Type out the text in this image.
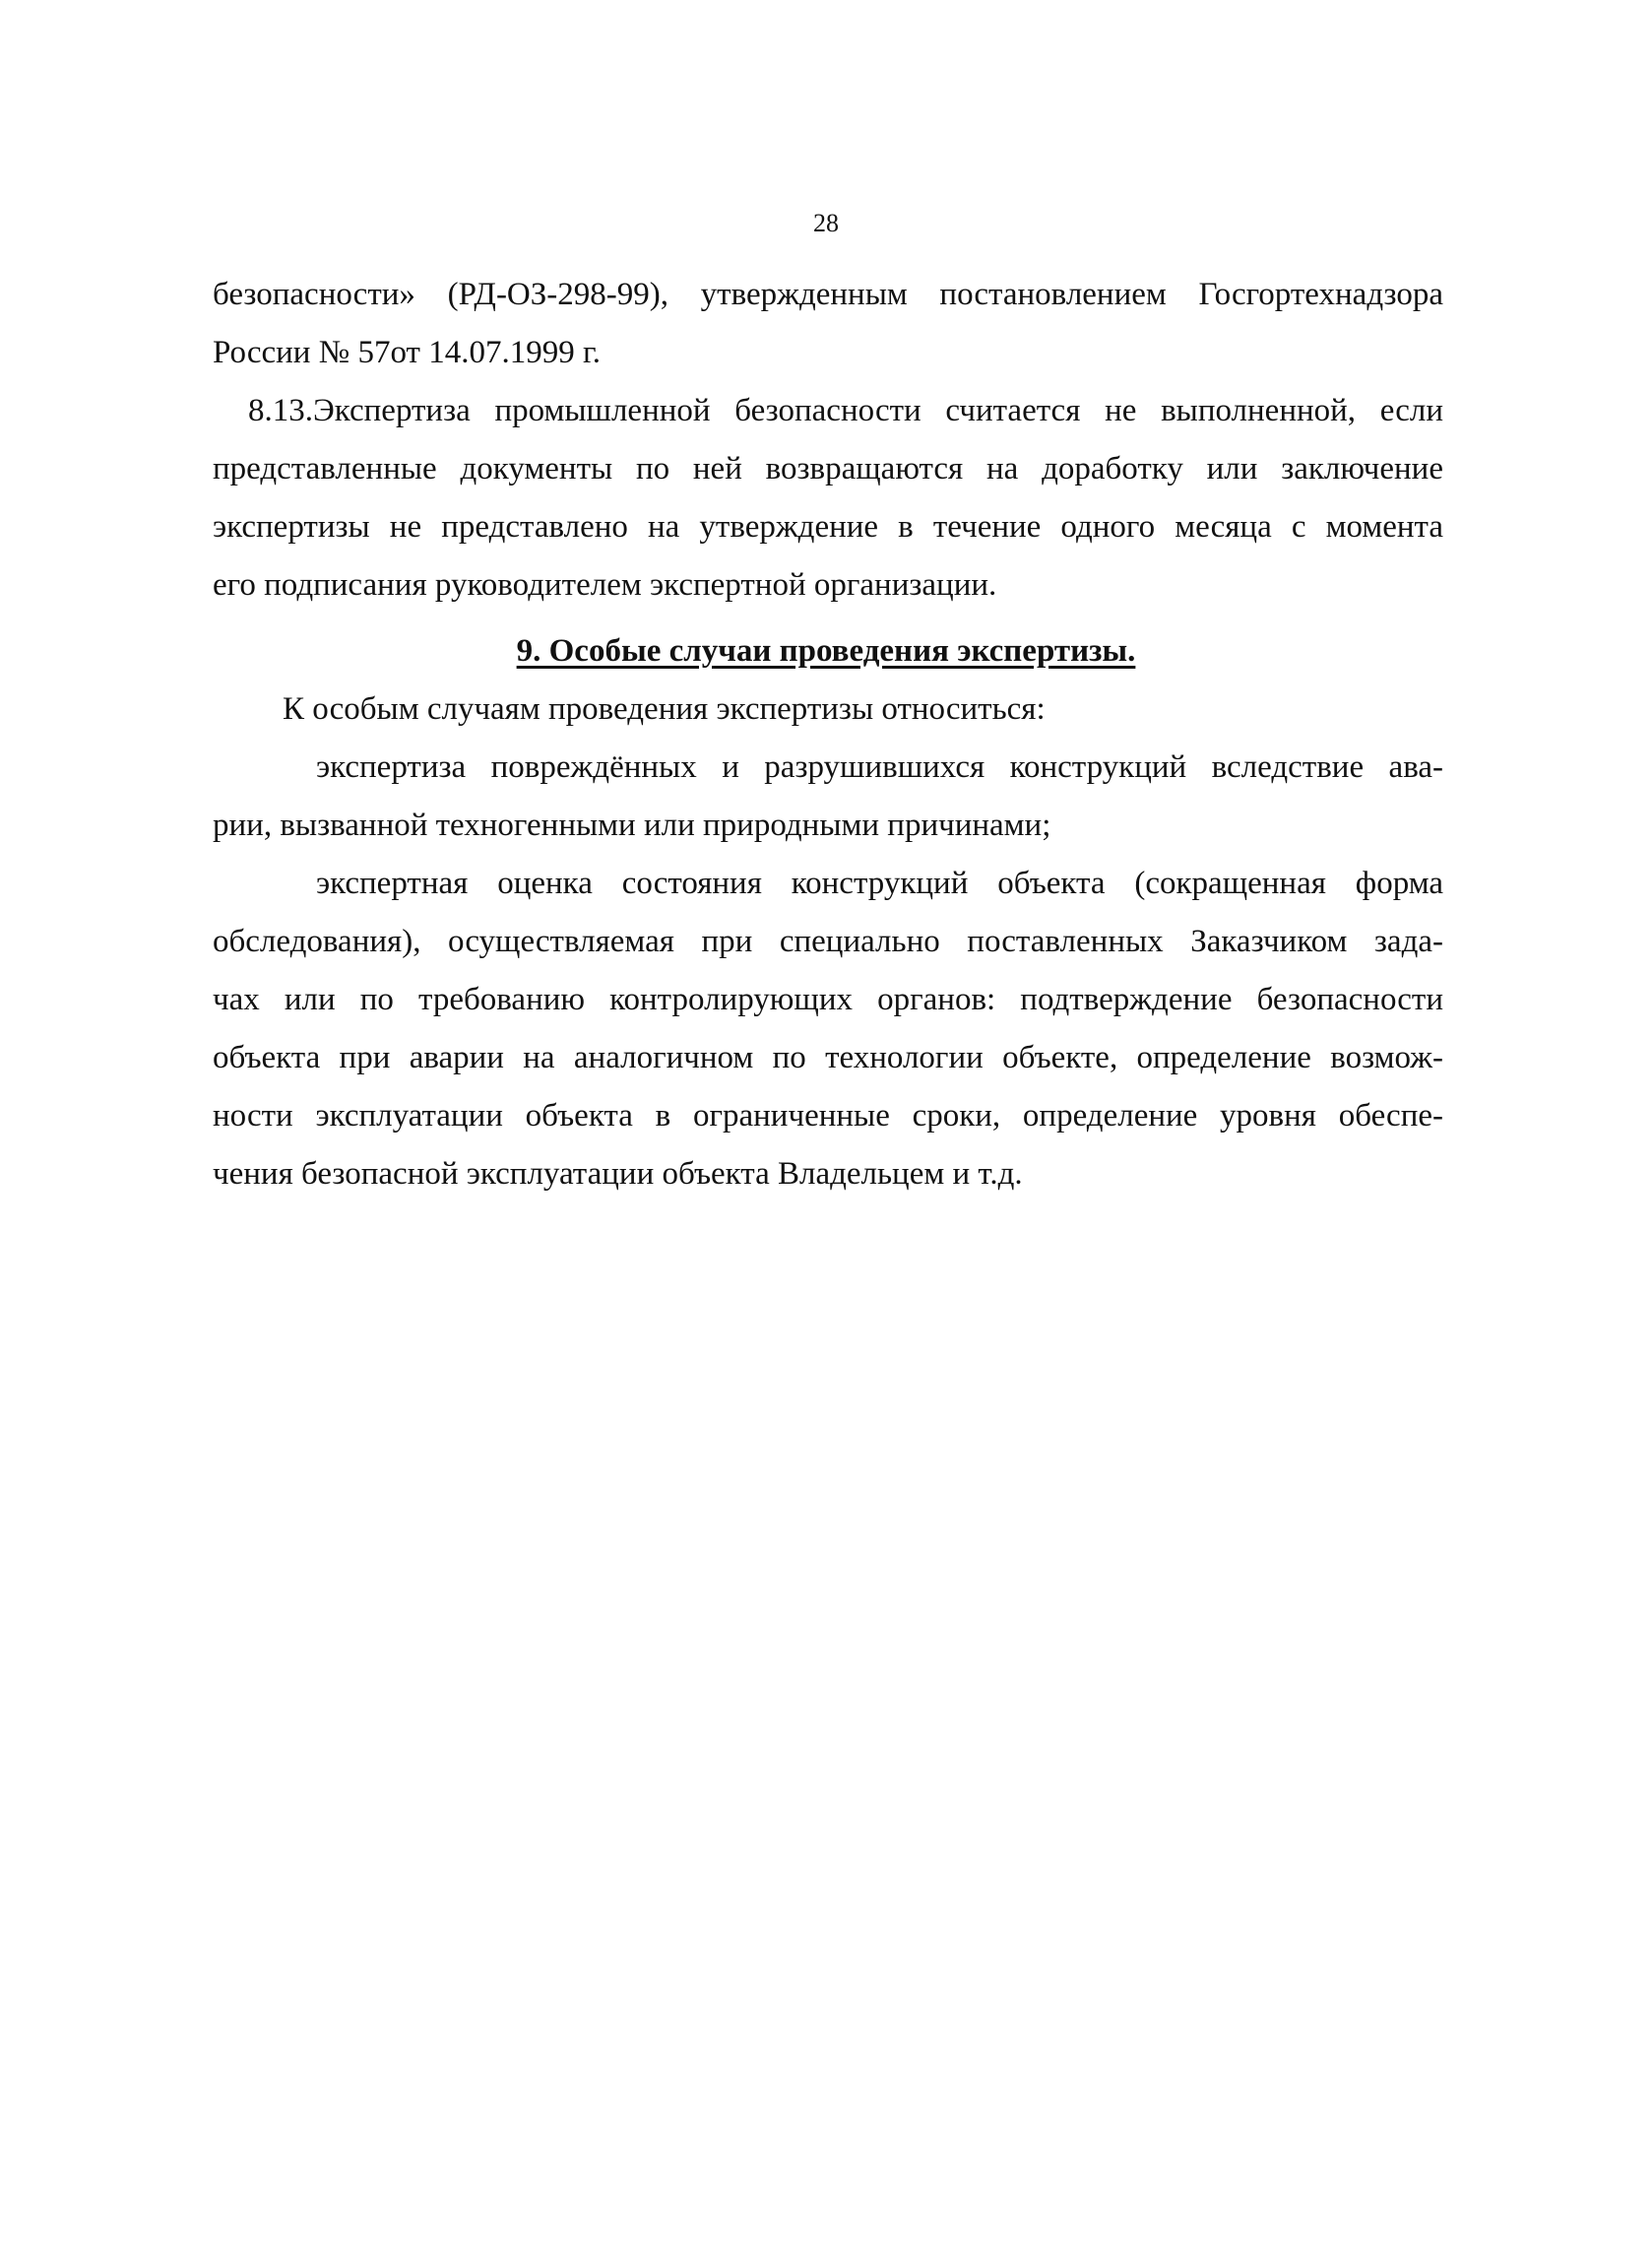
28
безопасности» (РД-ОЗ-298-99), утвержденным постановлением Госгортехнадзора
России № 57от 14.07.1999 г.
8.13.Экспертиза промышленной безопасности считается не выполненной, если
представленные документы по ней возвращаются на доработку или заключение
экспертизы не представлено на утверждение в течение одного месяца с момента
его подписания руководителем экспертной организации.
9. Особые случаи проведения экспертизы.

К особым случаям проведения экспертизы относиться:

экспертиза повреждённых и разрушившихся конструкций вследствие ава-
рии, вызванной техногенными или природными причинами;
экспертная оценка состояния конструкций объекта (сокращенная форма
обследования), осуществляемая при специально поставленных Заказчиком зада-
чах или по требованию контролирующих органов: подтверждение безопасности
объекта при аварии на аналогичном по технологии объекте, определение возмож-
ности эксплуатации объекта в ограниченные сроки, определение уровня обеспе-
чения безопасной эксплуатации объекта Владельцем и т.д.
